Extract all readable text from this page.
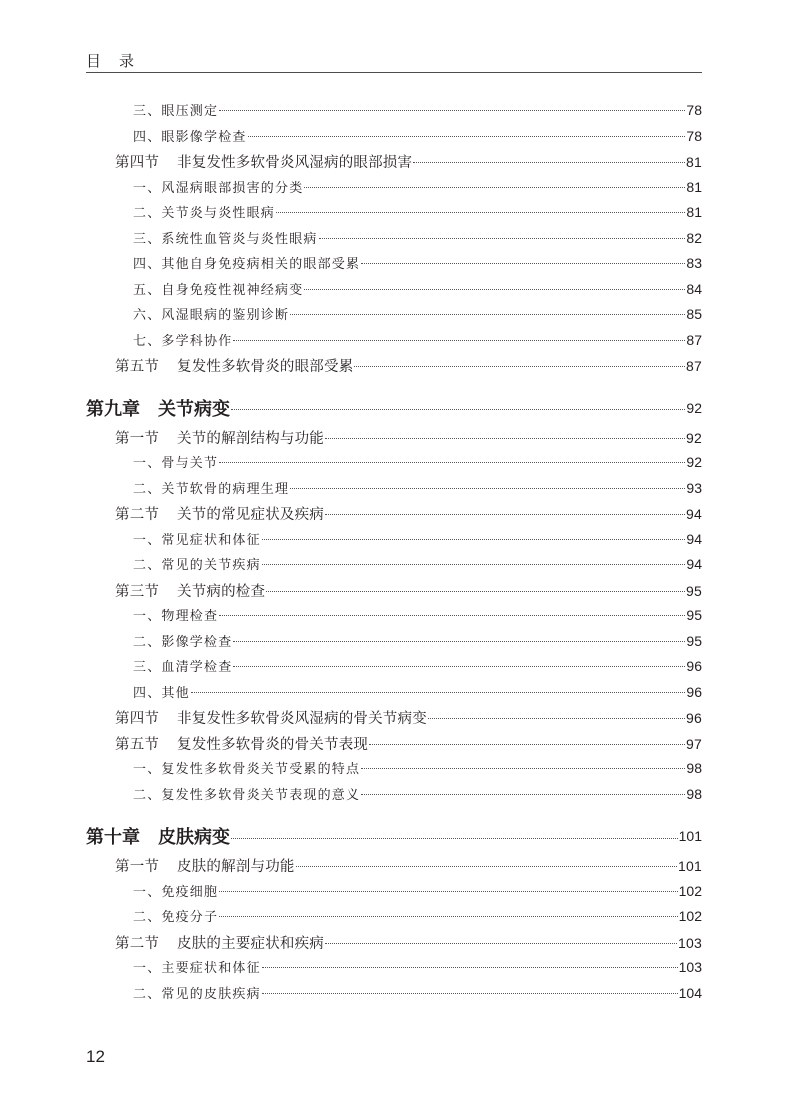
目录
三、眼压测定	78
四、眼影像学检查	78
第四节 非复发性多软骨炎风湿病的眼部损害	81
一、风湿病眼部损害的分类	81
二、关节炎与炎性眼病	81
三、系统性血管炎与炎性眼病	82
四、其他自身免疫病相关的眼部受累	83
五、自身免疫性视神经病变	84
六、风湿眼病的鉴别诊断	85
七、多学科协作	87
第五节 复发性多软骨炎的眼部受累	87
第九章 关节病变	92
第一节 关节的解剖结构与功能	92
一、骨与关节	92
二、关节软骨的病理生理	93
第二节 关节的常见症状及疾病	94
一、常见症状和体征	94
二、常见的关节疾病	94
第三节 关节病的检查	95
一、物理检查	95
二、影像学检查	95
三、血清学检查	96
四、其他	96
第四节 非复发性多软骨炎风湿病的骨关节病变	96
第五节 复发性多软骨炎的骨关节表现	97
一、复发性多软骨炎关节受累的特点	98
二、复发性多软骨炎关节表现的意义	98
第十章 皮肤病变	101
第一节 皮肤的解剖与功能	101
一、免疫细胞	102
二、免疫分子	102
第二节 皮肤的主要症状和疾病	103
一、主要症状和体征	103
二、常见的皮肤疾病	104
12
